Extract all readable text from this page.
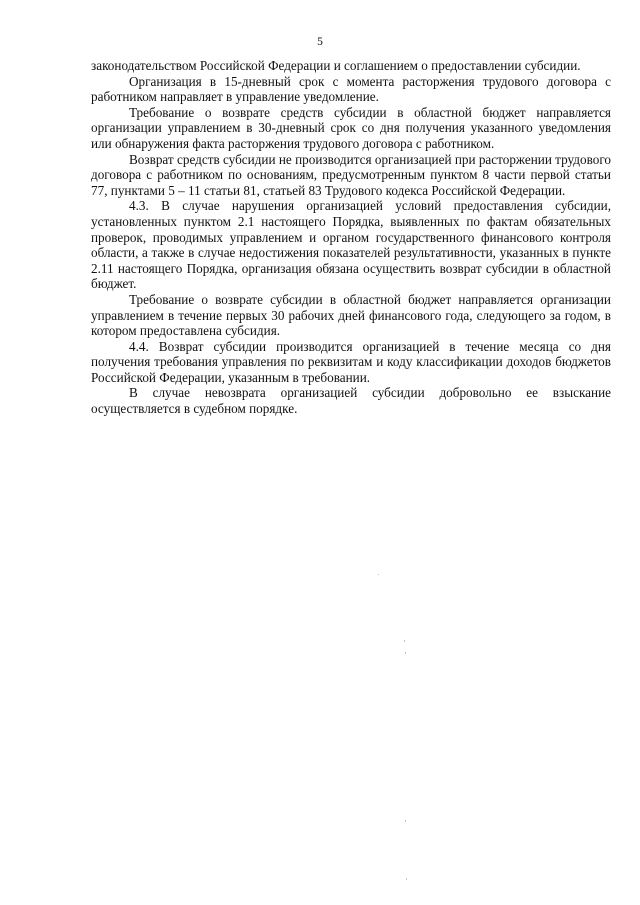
5

законодательством Российской Федерации и соглашением о предоставлении субсидии.

Организация в 15-дневный срок с момента расторжения трудового договора с работником направляет в управление уведомление.

Требование о возврате средств субсидии в областной бюджет направляется организации управлением в 30-дневный срок со дня получения указанного уведомления или обнаружения факта расторжения трудового договора с работником.

Возврат средств субсидии не производится организацией при расторжении трудового договора с работником по основаниям, предусмотренным пунктом 8 части первой статьи 77, пунктами 5 – 11 статьи 81, статьей 83 Трудового кодекса Российской Федерации.

4.3. В случае нарушения организацией условий предоставления субсидии, установленных пунктом 2.1 настоящего Порядка, выявленных по фактам обязательных проверок, проводимых управлением и органом государственного финансового контроля области, а также в случае недостижения показателей результативности, указанных в пункте 2.11 настоящего Порядка, организация обязана осуществить возврат субсидии в областной бюджет.

Требование о возврате субсидии в областной бюджет направляется организации управлением в течение первых 30 рабочих дней финансового года, следующего за годом, в котором предоставлена субсидия.

4.4. Возврат субсидии производится организацией в течение месяца со дня получения требования управления по реквизитам и коду классификации доходов бюджетов Российской Федерации, указанным в требовании.

В случае невозврата организацией субсидии добровольно ее взыскание осуществляется в судебном порядке.
